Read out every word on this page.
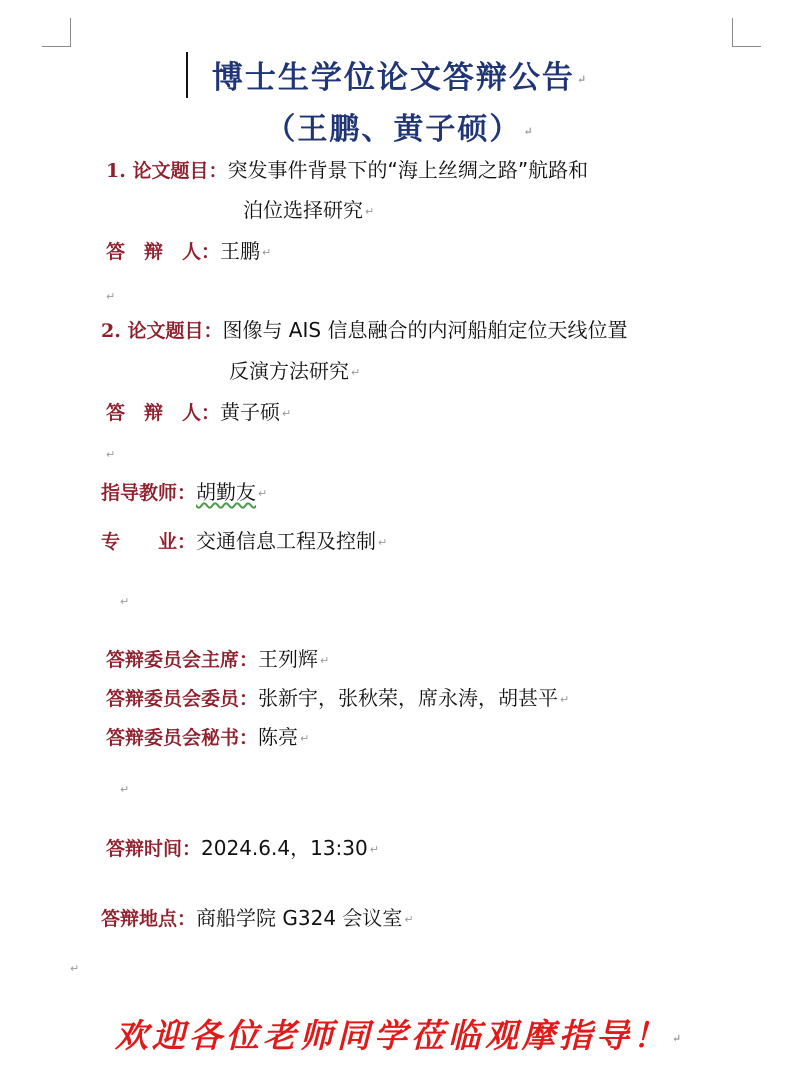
博士生学位论文答辩公告 ↵
（王鹏、黄子硕） ↵
1. 论文题目：突发事件背景下的“海上丝绸之路”航路和
泊位选择研究 ↵
答　辩　人：王鹏 ↵
↵
2. 论文题目：图像与 AIS 信息融合的内河船舶定位天线位置
反演方法研究 ↵
答　辩　人：黄子硕 ↵
↵
指导教师：胡勤友 ↵
专　　业：交通信息工程及控制 ↵
↵
答辩委员会主席：王列辉 ↵
答辩委员会委员：张新宇，张秋荣，席永涛，胡甚平 ↵
答辩委员会秘书：陈亮 ↵
↵
答辩时间：2024.6.4，13:30 ↵
答辩地点：商船学院 G324 会议室 ↵
↵
欢迎各位老师同学莅临观摩指导！ ↵
